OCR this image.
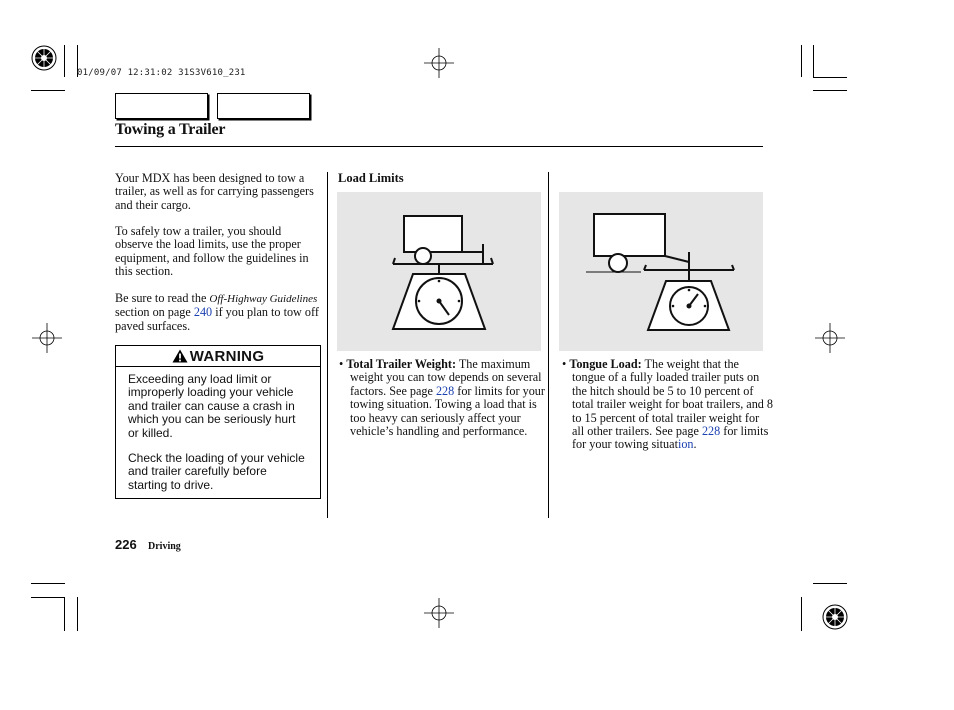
01/09/07 12:31:02 31S3V610_231
Towing a Trailer
Your MDX has been designed to tow a trailer, as well as for carrying passengers and their cargo.
To safely tow a trailer, you should observe the load limits, use the proper equipment, and follow the guidelines in this section.
Be sure to read the Off-Highway Guidelines section on page 240 if you plan to tow off paved surfaces.
WARNING

Exceeding any load limit or improperly loading your vehicle and trailer can cause a crash in which you can be seriously hurt or killed.

Check the loading of your vehicle and trailer carefully before starting to drive.

Load Limits
• Total Trailer Weight: The maximum weight you can tow depends on several factors. See page 228 for limits for your towing situation. Towing a load that is too heavy can seriously affect your vehicle’s handling and performance.
• Tongue Load: The weight that the tongue of a fully loaded trailer puts on the hitch should be 5 to 10 percent of total trailer weight for boat trailers, and 8 to 15 percent of total trailer weight for all other trailers. See page 228 for limits for your towing situation.
226 Driving
